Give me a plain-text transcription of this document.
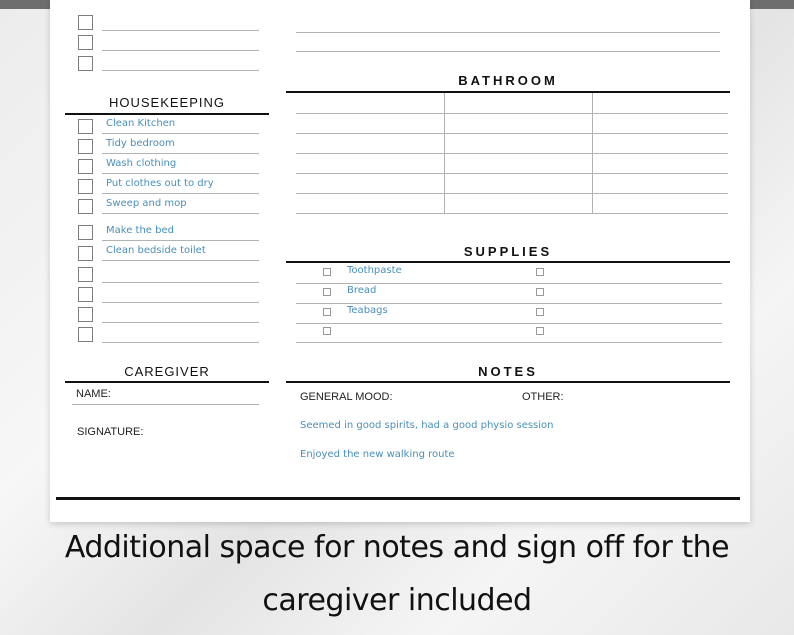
HOUSEKEEPING
Clean Kitchen
Tidy bedroom
Wash clothing
Put clothes out to dry
Sweep and mop
Make the bed
Clean bedside toilet
BATHROOM
SUPPLIES
Toothpaste
Bread
Teabags
CAREGIVER
NAME:
SIGNATURE:
NOTES
GENERAL MOOD:	OTHER:
Seemed in good spirits, had a good physio session
Enjoyed the new walking route
Additional space for notes and sign off for the
caregiver included
